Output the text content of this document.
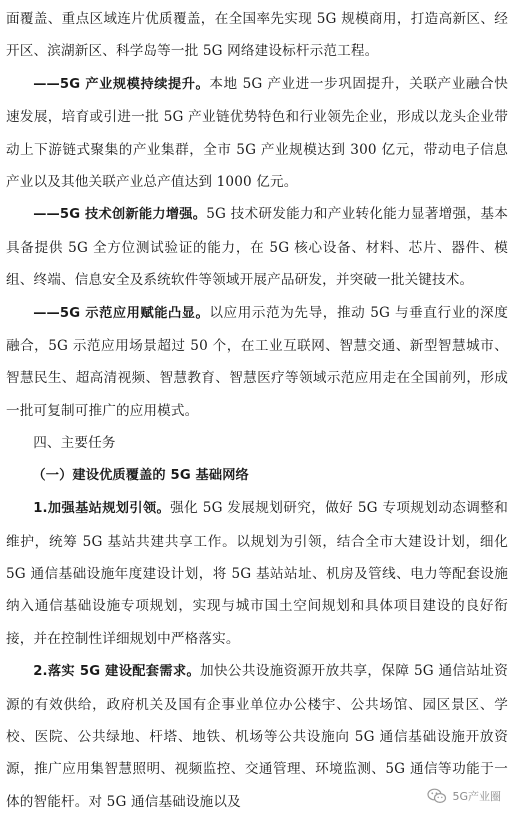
面覆盖、重点区域连片优质覆盖，在全国率先实现 5G 规模商用，打造高新区、经开区、滨湖新区、科学岛等一批 5G 网络建设标杆示范工程。

——5G 产业规模持续提升。本地 5G 产业进一步巩固提升，关联产业融合快速发展，培育或引进一批 5G 产业链优势特色和行业领先企业，形成以龙头企业带动上下游链式聚集的产业集群，全市 5G 产业规模达到 300 亿元，带动电子信息产业以及其他关联产业总产值达到 1000 亿元。

——5G 技术创新能力增强。5G 技术研发能力和产业转化能力显著增强，基本具备提供 5G 全方位测试验证的能力，在 5G 核心设备、材料、芯片、器件、模组、终端、信息安全及系统软件等领域开展产品研发，并突破一批关键技术。

——5G 示范应用赋能凸显。以应用示范为先导，推动 5G 与垂直行业的深度融合，5G 示范应用场景超过 50 个，在工业互联网、智慧交通、新型智慧城市、智慧民生、超高清视频、智慧教育、智慧医疗等领域示范应用走在全国前列，形成一批可复制可推广的应用模式。

四、主要任务

（一）建设优质覆盖的 5G 基础网络

1.加强基站规划引领。强化 5G 发展规划研究，做好 5G 专项规划动态调整和维护，统筹 5G 基站共建共享工作。以规划为引领，结合全市大建设计划，细化 5G 通信基础设施年度建设计划，将 5G 基站站址、机房及管线、电力等配套设施纳入通信基础设施专项规划，实现与城市国土空间规划和具体项目建设的良好衔接，并在控制性详细规划中严格落实。

2.落实 5G 建设配套需求。加快公共设施资源开放共享，保障 5G 通信站址资源的有效供给，政府机关及国有企事业单位办公楼宇、公共场馆、园区景区、学校、医院、公共绿地、杆塔、地铁、机场等公共设施向 5G 通信基础设施开放资源，推广应用集智慧照明、视频监控、交通管理、环境监测、5G 通信等功能于一体的智能杆。对 5G 通信基础设施以及	5G产业圈
